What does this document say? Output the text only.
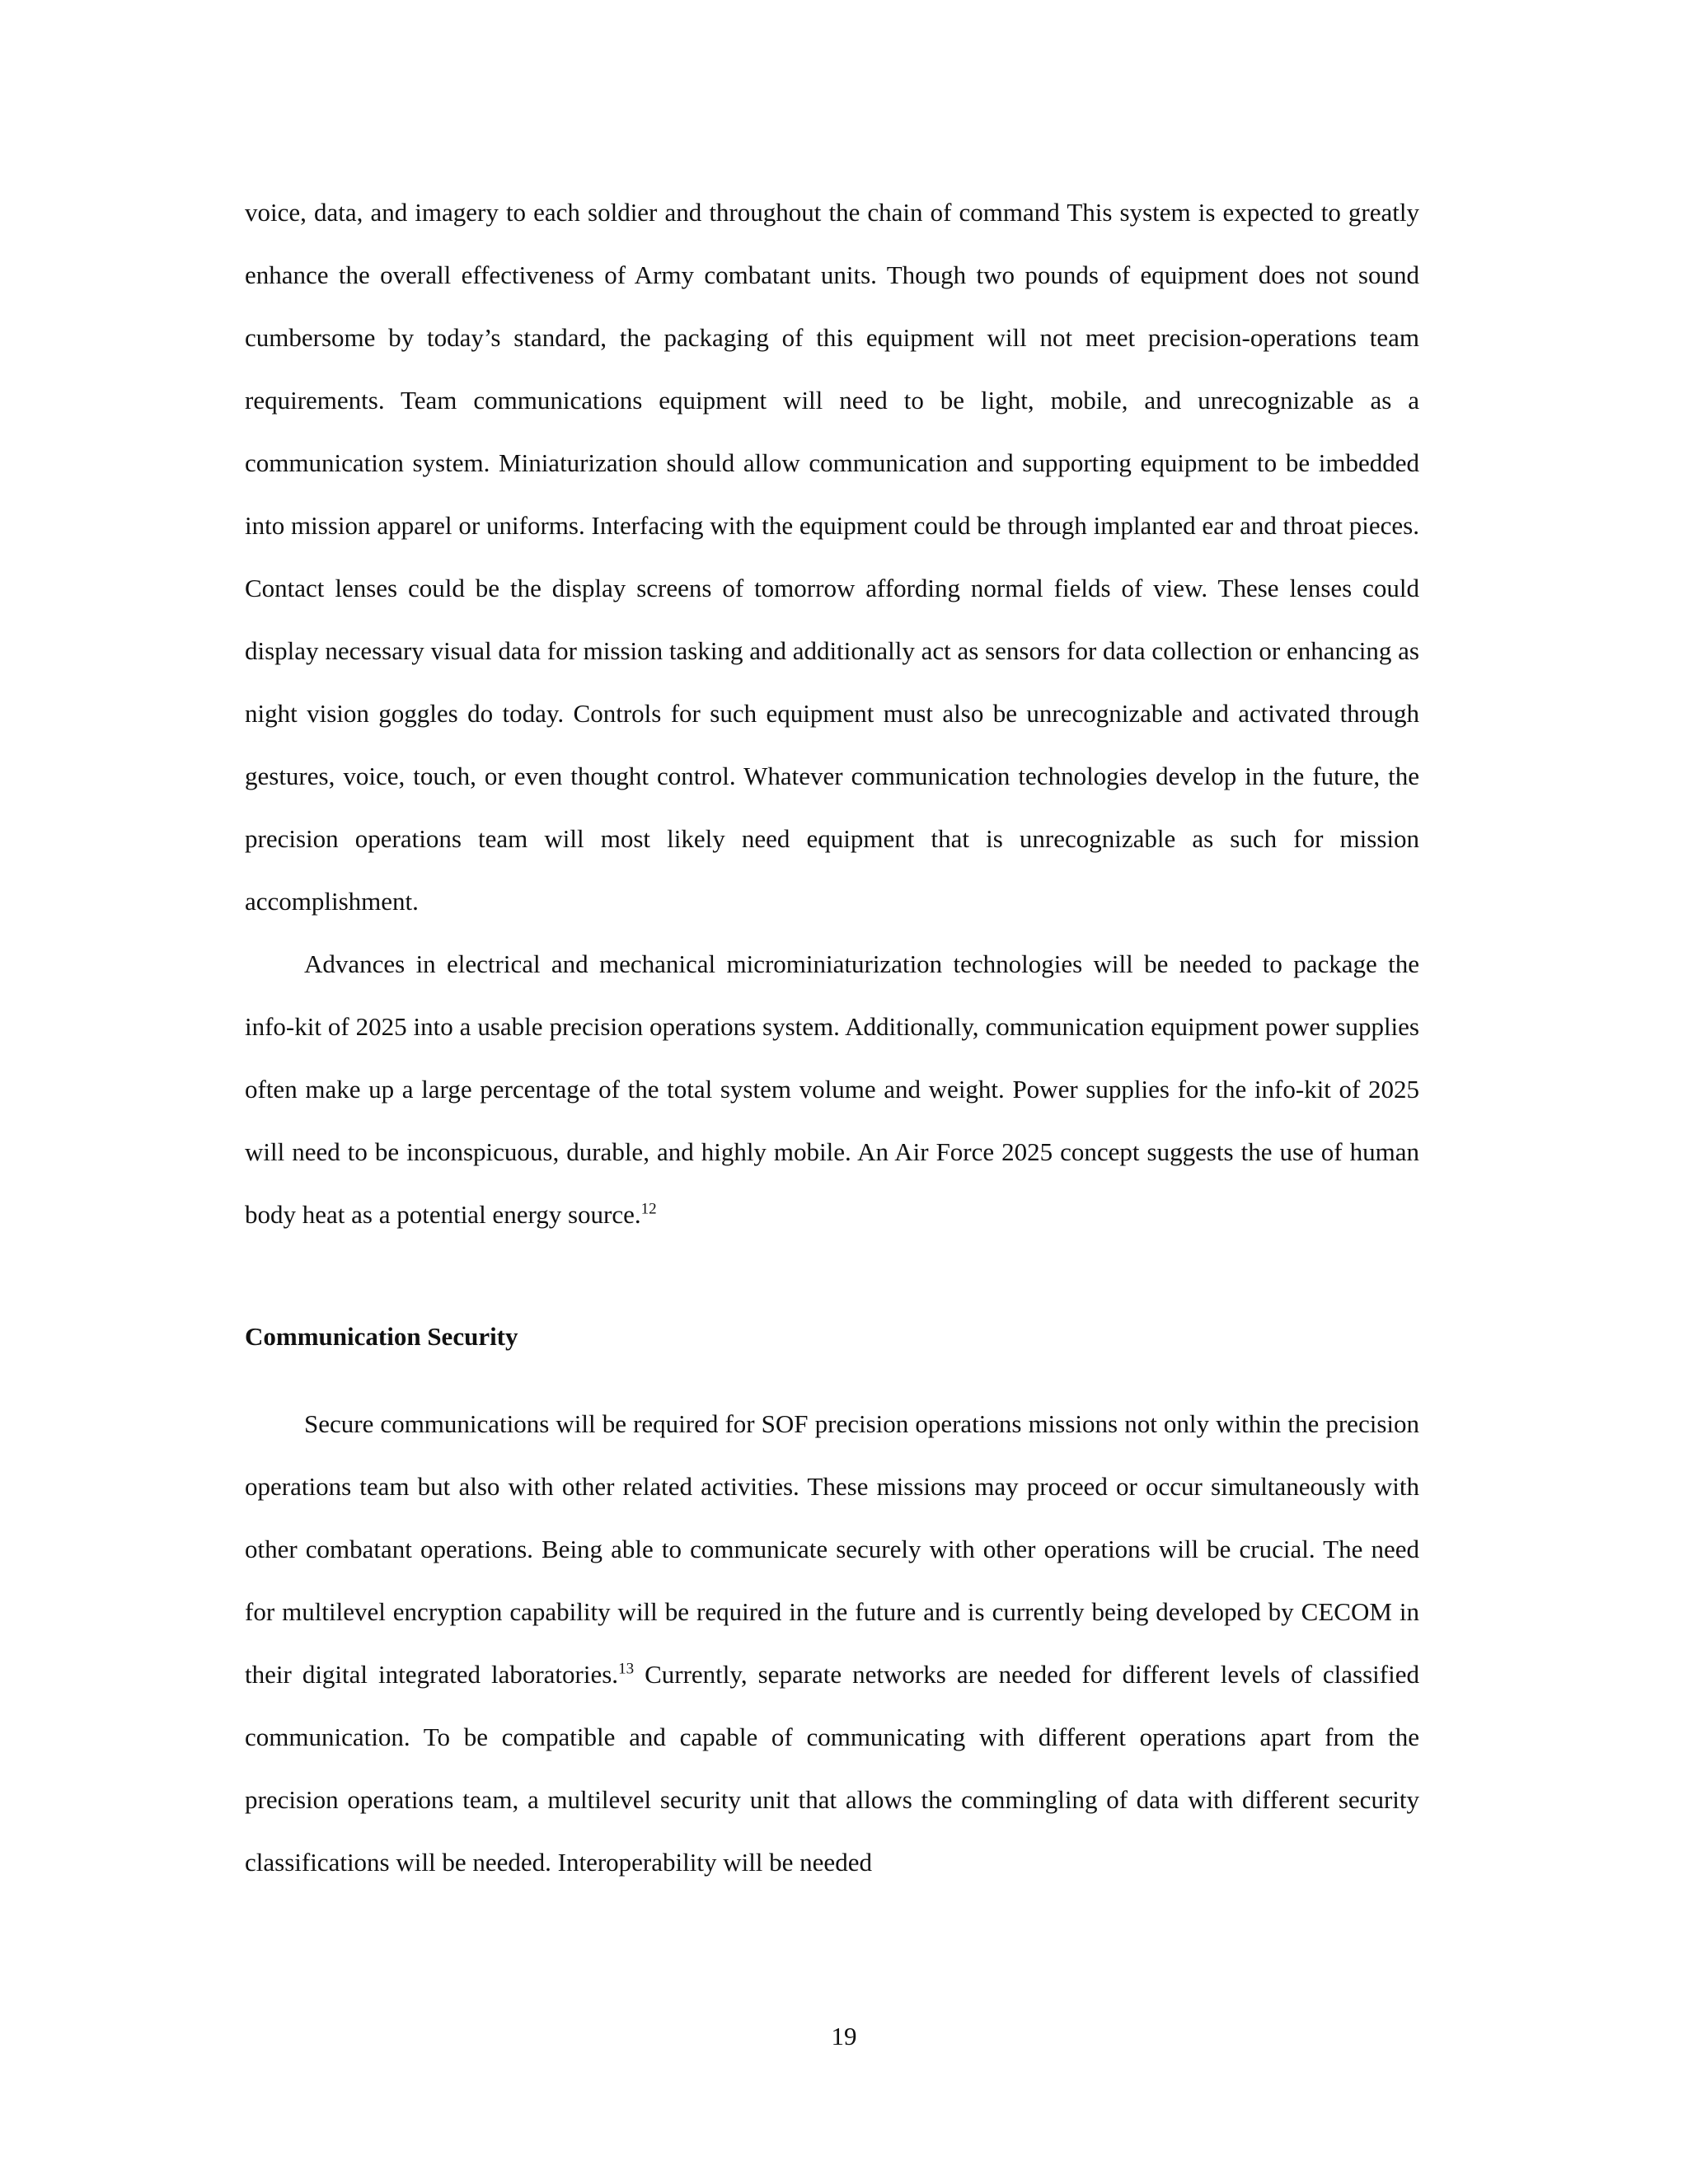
voice, data, and imagery to each soldier and throughout the chain of command This system is expected to greatly enhance the overall effectiveness of Army combatant units. Though two pounds of equipment does not sound cumbersome by today’s standard, the packaging of this equipment will not meet precision-operations team requirements. Team communications equipment will need to be light, mobile, and unrecognizable as a communication system. Miniaturization should allow communication and supporting equipment to be imbedded into mission apparel or uniforms. Interfacing with the equipment could be through implanted ear and throat pieces. Contact lenses could be the display screens of tomorrow affording normal fields of view. These lenses could display necessary visual data for mission tasking and additionally act as sensors for data collection or enhancing as night vision goggles do today. Controls for such equipment must also be unrecognizable and activated through gestures, voice, touch, or even thought control. Whatever communication technologies develop in the future, the precision operations team will most likely need equipment that is unrecognizable as such for mission accomplishment.

Advances in electrical and mechanical microminiaturization technologies will be needed to package the info-kit of 2025 into a usable precision operations system. Additionally, communication equipment power supplies often make up a large percentage of the total system volume and weight. Power supplies for the info-kit of 2025 will need to be inconspicuous, durable, and highly mobile. An Air Force 2025 concept suggests the use of human body heat as a potential energy source.$^{12}$

Communication Security

Secure communications will be required for SOF precision operations missions not only within the precision operations team but also with other related activities. These missions may proceed or occur simultaneously with other combatant operations. Being able to communicate securely with other operations will be crucial. The need for multilevel encryption capability will be required in the future and is currently being developed by CECOM in their digital integrated laboratories.$^{13}$ Currently, separate networks are needed for different levels of classified communication. To be compatible and capable of communicating with different operations apart from the precision operations team, a multilevel security unit that allows the commingling of data with different security classifications will be needed. Interoperability will be needed

19
